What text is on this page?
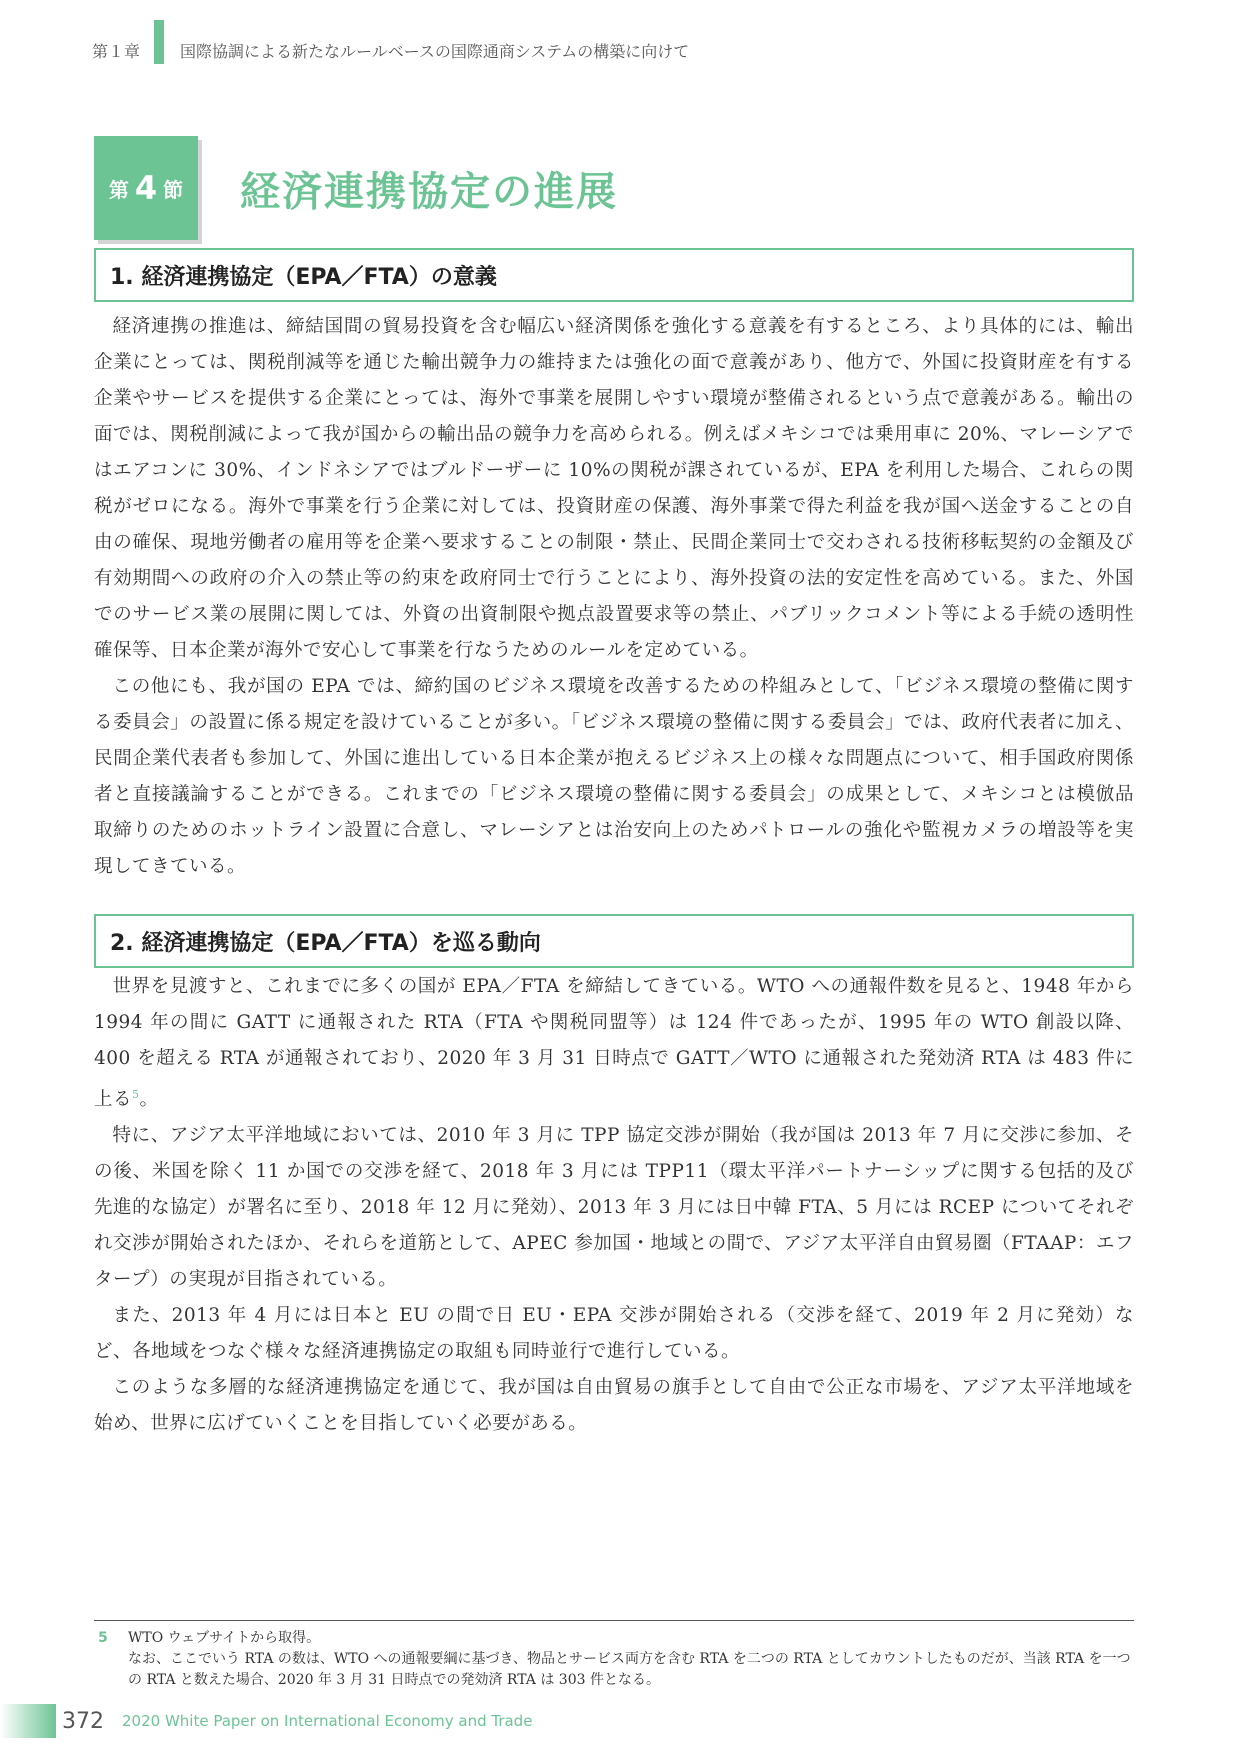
第１章	国際協調による新たなルールベースの国際通商システムの構築に向けて
第 4 節 経済連携協定の進展
1. 経済連携協定（EPA／FTA）の意義

経済連携の推進は、締結国間の貿易投資を含む幅広い経済関係を強化する意義を有するところ、より具体的には、輸出企業にとっては、関税削減等を通じた輸出競争力の維持または強化の面で意義があり、他方で、外国に投資財産を有する企業やサービスを提供する企業にとっては、海外で事業を展開しやすい環境が整備されるという点で意義がある。輸出の面では、関税削減によって我が国からの輸出品の競争力を高められる。例えばメキシコでは乗用車に 20%、マレーシアではエアコンに 30%、インドネシアではブルドーザーに 10%の関税が課されているが、EPA を利用した場合、これらの関税がゼロになる。海外で事業を行う企業に対しては、投資財産の保護、海外事業で得た利益を我が国へ送金することの自由の確保、現地労働者の雇用等を企業へ要求することの制限・禁止、民間企業同士で交わされる技術移転契約の金額及び有効期間への政府の介入の禁止等の約束を政府同士で行うことにより、海外投資の法的安定性を高めている。また、外国でのサービス業の展開に関しては、外資の出資制限や拠点設置要求等の禁止、パブリックコメント等による手続の透明性確保等、日本企業が海外で安心して事業を行なうためのルールを定めている。

この他にも、我が国の EPA では、締約国のビジネス環境を改善するための枠組みとして、「ビジネス環境の整備に関する委員会」の設置に係る規定を設けていることが多い。「ビジネス環境の整備に関する委員会」では、政府代表者に加え、民間企業代表者も参加して、外国に進出している日本企業が抱えるビジネス上の様々な問題点について、相手国政府関係者と直接議論することができる。これまでの「ビジネス環境の整備に関する委員会」の成果として、メキシコとは模倣品取締りのためのホットライン設置に合意し、マレーシアとは治安向上のためパトロールの強化や監視カメラの増設等を実現してきている。

2. 経済連携協定（EPA／FTA）を巡る動向

世界を見渡すと、これまでに多くの国が EPA／FTA を締結してきている。WTO への通報件数を見ると、1948 年から 1994 年の間に GATT に通報された RTA（FTA や関税同盟等）は 124 件であったが、1995 年の WTO 創設以降、400 を超える RTA が通報されており、2020 年 3 月 31 日時点で GATT／WTO に通報された発効済 RTA は 483 件に上る$^5$。

特に、アジア太平洋地域においては、2010 年 3 月に TPP 協定交渉が開始（我が国は 2013 年 7 月に交渉に参加、その後、米国を除く 11 か国での交渉を経て、2018 年 3 月には TPP11（環太平洋パートナーシップに関する包括的及び先進的な協定）が署名に至り、2018 年 12 月に発効）、2013 年 3 月には日中韓 FTA、5 月には RCEP についてそれぞれ交渉が開始されたほか、それらを道筋として、APEC 参加国・地域との間で、アジア太平洋自由貿易圏（FTAAP：エフタープ）の実現が目指されている。

また、2013 年 4 月には日本と EU の間で日 EU・EPA 交渉が開始される（交渉を経て、2019 年 2 月に発効）など、各地域をつなぐ様々な経済連携協定の取組も同時並行で進行している。

このような多層的な経済連携協定を通じて、我が国は自由貿易の旗手として自由で公正な市場を、アジア太平洋地域を始め、世界に広げていくことを目指していく必要がある。

5 WTO ウェブサイトから取得。
なお、ここでいう RTA の数は、WTO への通報要綱に基づき、物品とサービス両方を含む RTA を二つの RTA としてカウントしたものだが、当該 RTA を一つの RTA と数えた場合、2020 年 3 月 31 日時点での発効済 RTA は 303 件となる。
372 2020 White Paper on International Economy and Trade
